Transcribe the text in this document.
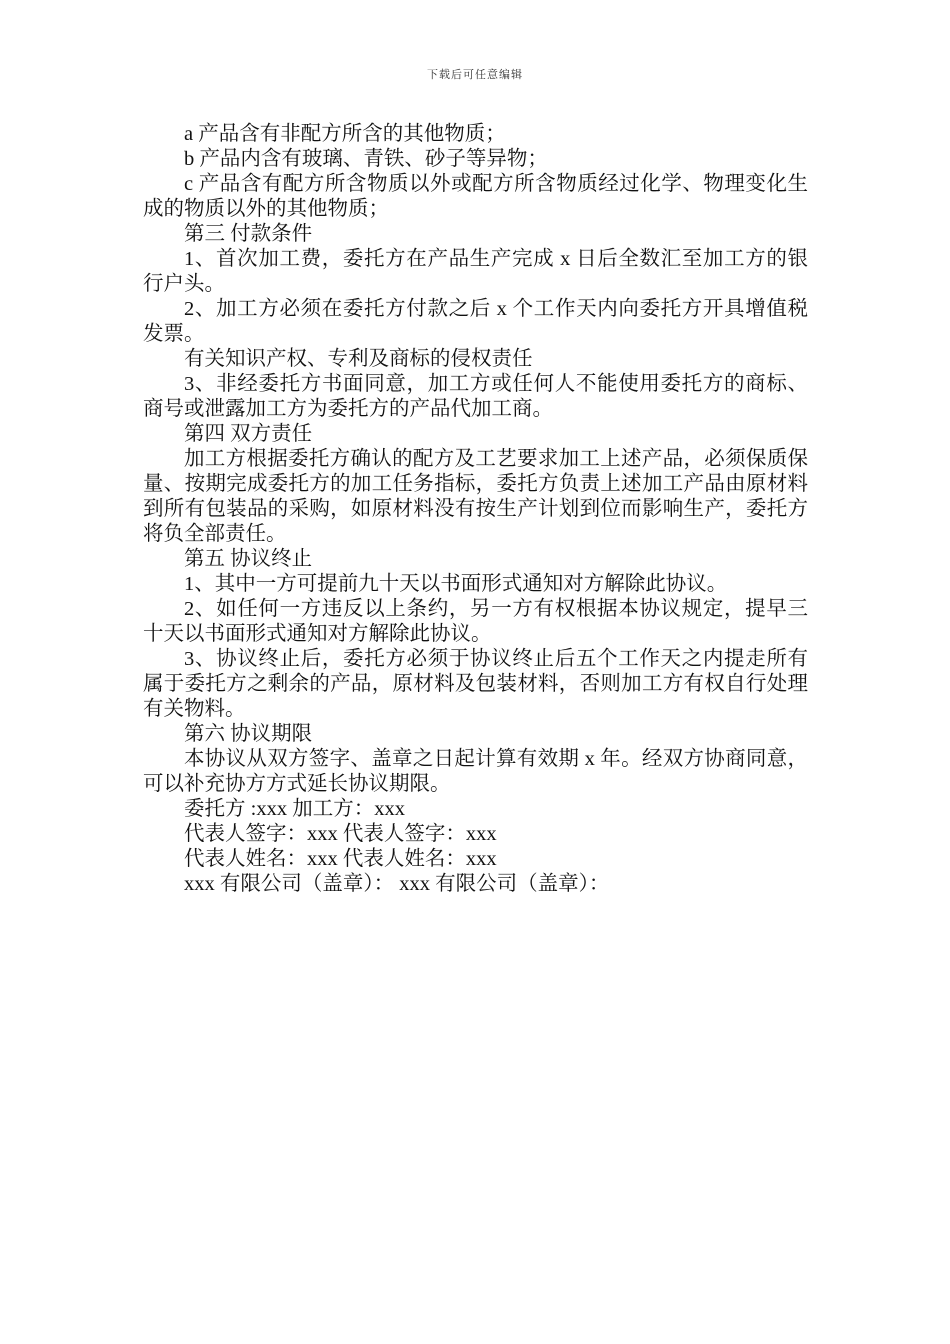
下载后可任意编辑

a 产品含有非配方所含的其他物质；

b 产品内含有玻璃、青铁、砂子等异物；

c 产品含有配方所含物质以外或配方所含物质经过化学、物理变化生成的物质以外的其他物质；

第三 付款条件

1、首次加工费，委托方在产品生产完成 x 日后全数汇至加工方的银行户头。

2、加工方必须在委托方付款之后 x 个工作天内向委托方开具增值税发票。

有关知识产权、专利及商标的侵权责任

3、非经委托方书面同意，加工方或任何人不能使用委托方的商标、商号或泄露加工方为委托方的产品代加工商。

第四 双方责任

加工方根据委托方确认的配方及工艺要求加工上述产品，必须保质保量、按期完成委托方的加工任务指标，委托方负责上述加工产品由原材料到所有包装品的采购，如原材料没有按生产计划到位而影响生产，委托方将负全部责任。

第五 协议终止

1、其中一方可提前九十天以书面形式通知对方解除此协议。

2、如任何一方违反以上条约，另一方有权根据本协议规定，提早三十天以书面形式通知对方解除此协议。

3、协议终止后，委托方必须于协议终止后五个工作天之内提走所有属于委托方之剩余的产品，原材料及包装材料，否则加工方有权自行处理有关物料。

第六 协议期限

本协议从双方签字、盖章之日起计算有效期 x 年。经双方协商同意，可以补充协方方式延长协议期限。

委托方 :xxx 加工方：xxx

代表人签字：xxx 代表人签字：xxx

代表人姓名：xxx 代表人姓名：xxx

xxx 有限公司（盖章）： xxx 有限公司（盖章）：
